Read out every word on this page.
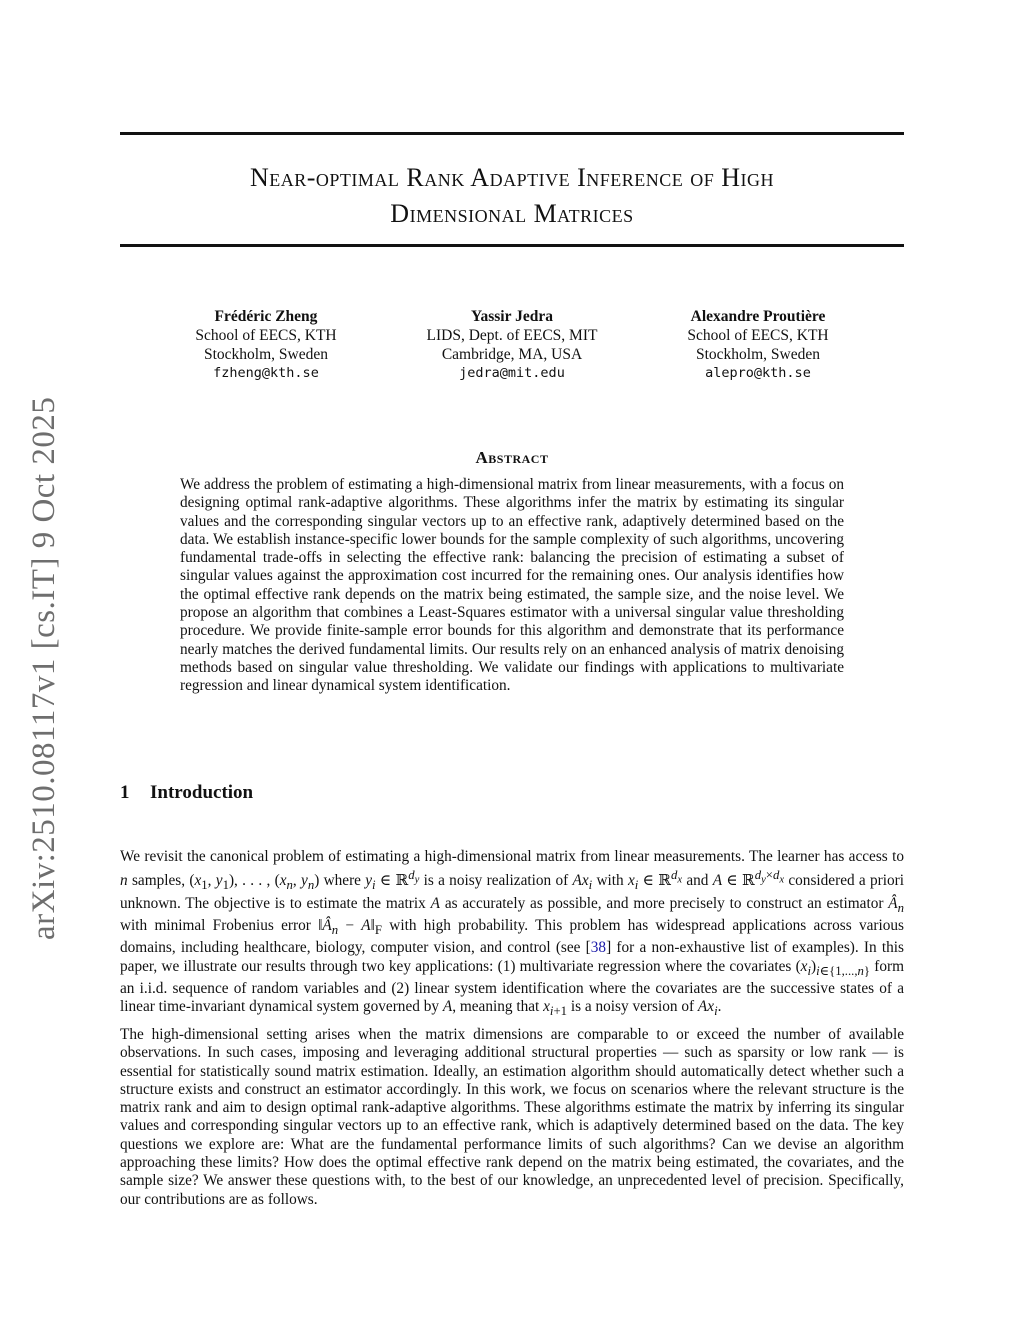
arXiv:2510.08117v1 [cs.IT] 9 Oct 2025
Near-optimal Rank Adaptive Inference of High
Dimensional Matrices
Frédéric Zheng
School of EECS, KTH
Stockholm, Sweden
fzheng@kth.se
Yassir Jedra
LIDS, Dept. of EECS, MIT
Cambridge, MA, USA
jedra@mit.edu
Alexandre Proutière
School of EECS, KTH
Stockholm, Sweden
alepro@kth.se
Abstract
We address the problem of estimating a high-dimensional matrix from linear measurements, with a focus on designing optimal rank-adaptive algorithms. These algorithms infer the matrix by estimating its singular values and the corresponding singular vectors up to an effective rank, adaptively determined based on the data. We establish instance-specific lower bounds for the sample complexity of such algorithms, uncovering fundamental trade-offs in selecting the effective rank: balancing the precision of estimating a subset of singular values against the approximation cost incurred for the remaining ones. Our analysis identifies how the optimal effective rank depends on the matrix being estimated, the sample size, and the noise level. We propose an algorithm that combines a Least-Squares estimator with a universal singular value thresholding procedure. We provide finite-sample error bounds for this algorithm and demonstrate that its performance nearly matches the derived fundamental limits. Our results rely on an enhanced analysis of matrix denoising methods based on singular value thresholding. We validate our findings with applications to multivariate regression and linear dynamical system identification.
1 Introduction
We revisit the canonical problem of estimating a high-dimensional matrix from linear measurements. The learner has access to n samples, ($x_1$, $y_1$), . . . , ($x_n$, $y_n$) where $y_i$ ∈ ℝ$^{d_y}$ is a noisy realization of $Ax_i$ with $x_i$ ∈ ℝ$^{d_x}$ and A ∈ ℝ$^{d_y\times d_x}$ considered a priori unknown. The objective is to estimate the matrix A as accurately as possible, and more precisely to construct an estimator $Â_n$ with minimal Frobenius error $‖Â_n$ − $A‖_F$ with high probability. This problem has widespread applications across various domains, including healthcare, biology, computer vision, and control (see [38] for a non-exhaustive list of examples). In this paper, we illustrate our results through two key applications: (1) multivariate regression where the covariates $(x_i)_{i\in\{1,...,n\}}$ form an i.i.d. sequence of random variables and (2) linear system identification where the covariates are the successive states of a linear time-invariant dynamical system governed by A, meaning that $x_{i+1}$ is a noisy version of $Ax_i$.
The high-dimensional setting arises when the matrix dimensions are comparable to or exceed the number of available observations. In such cases, imposing and leveraging additional structural properties — such as sparsity or low rank — is essential for statistically sound matrix estimation. Ideally, an estimation algorithm should automatically detect whether such a structure exists and construct an estimator accordingly. In this work, we focus on scenarios where the relevant structure is the matrix rank and aim to design optimal rank-adaptive algorithms. These algorithms estimate the matrix by inferring its singular values and corresponding singular vectors up to an effective rank, which is adaptively determined based on the data. The key questions we explore are: What are the fundamental performance limits of such algorithms? Can we devise an algorithm approaching these limits? How does the optimal effective rank depend on the matrix being estimated, the covariates, and the sample size? We answer these questions with, to the best of our knowledge, an unprecedented level of precision. Specifically, our contributions are as follows.
